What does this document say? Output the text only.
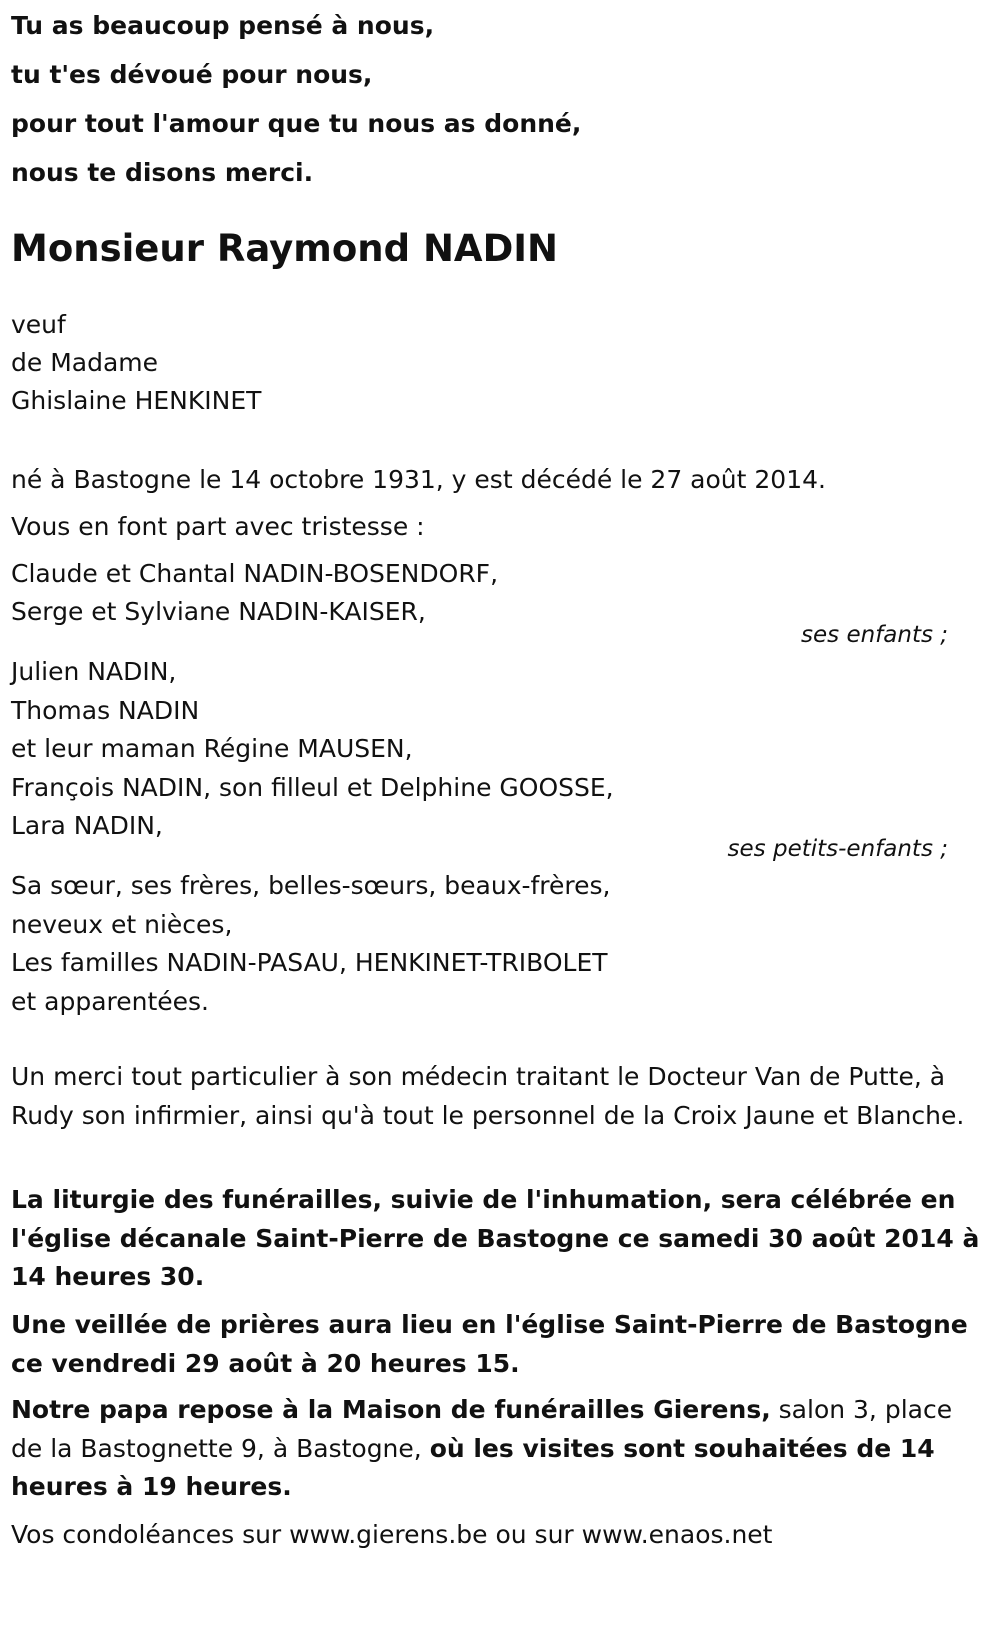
Tu as beaucoup pensé à nous,
tu t'es dévoué pour nous,
pour tout l'amour que tu nous as donné,
nous te disons merci.
Monsieur Raymond NADIN
veuf
de Madame
Ghislaine HENKINET
né à Bastogne le 14 octobre 1931, y est décédé le 27 août 2014.
Vous en font part avec tristesse :
Claude et Chantal NADIN-BOSENDORF,
Serge et Sylviane NADIN-KAISER,
ses enfants ;
Julien NADIN,
Thomas NADIN
et leur maman Régine MAUSEN,
François NADIN, son filleul et Delphine GOOSSE,
Lara NADIN,
ses petits-enfants ;
Sa sœur, ses frères, belles-sœurs, beaux-frères,
neveux et nièces,
Les familles NADIN-PASAU, HENKINET-TRIBOLET
et apparentées.
Un merci tout particulier à son médecin traitant le Docteur Van de Putte, à Rudy son infirmier, ainsi qu'à tout le personnel de la Croix Jaune et Blanche.
La liturgie des funérailles, suivie de l'inhumation, sera célébrée en l'église décanale Saint-Pierre de Bastogne ce samedi 30 août 2014 à 14 heures 30.
Une veillée de prières aura lieu en l'église Saint-Pierre de Bastogne ce vendredi 29 août à 20 heures 15.
Notre papa repose à la Maison de funérailles Gierens, salon 3, place de la Bastognette 9, à Bastogne, où les visites sont souhaitées de 14 heures à 19 heures.
Vos condoléances sur www.gierens.be ou sur www.enaos.net
